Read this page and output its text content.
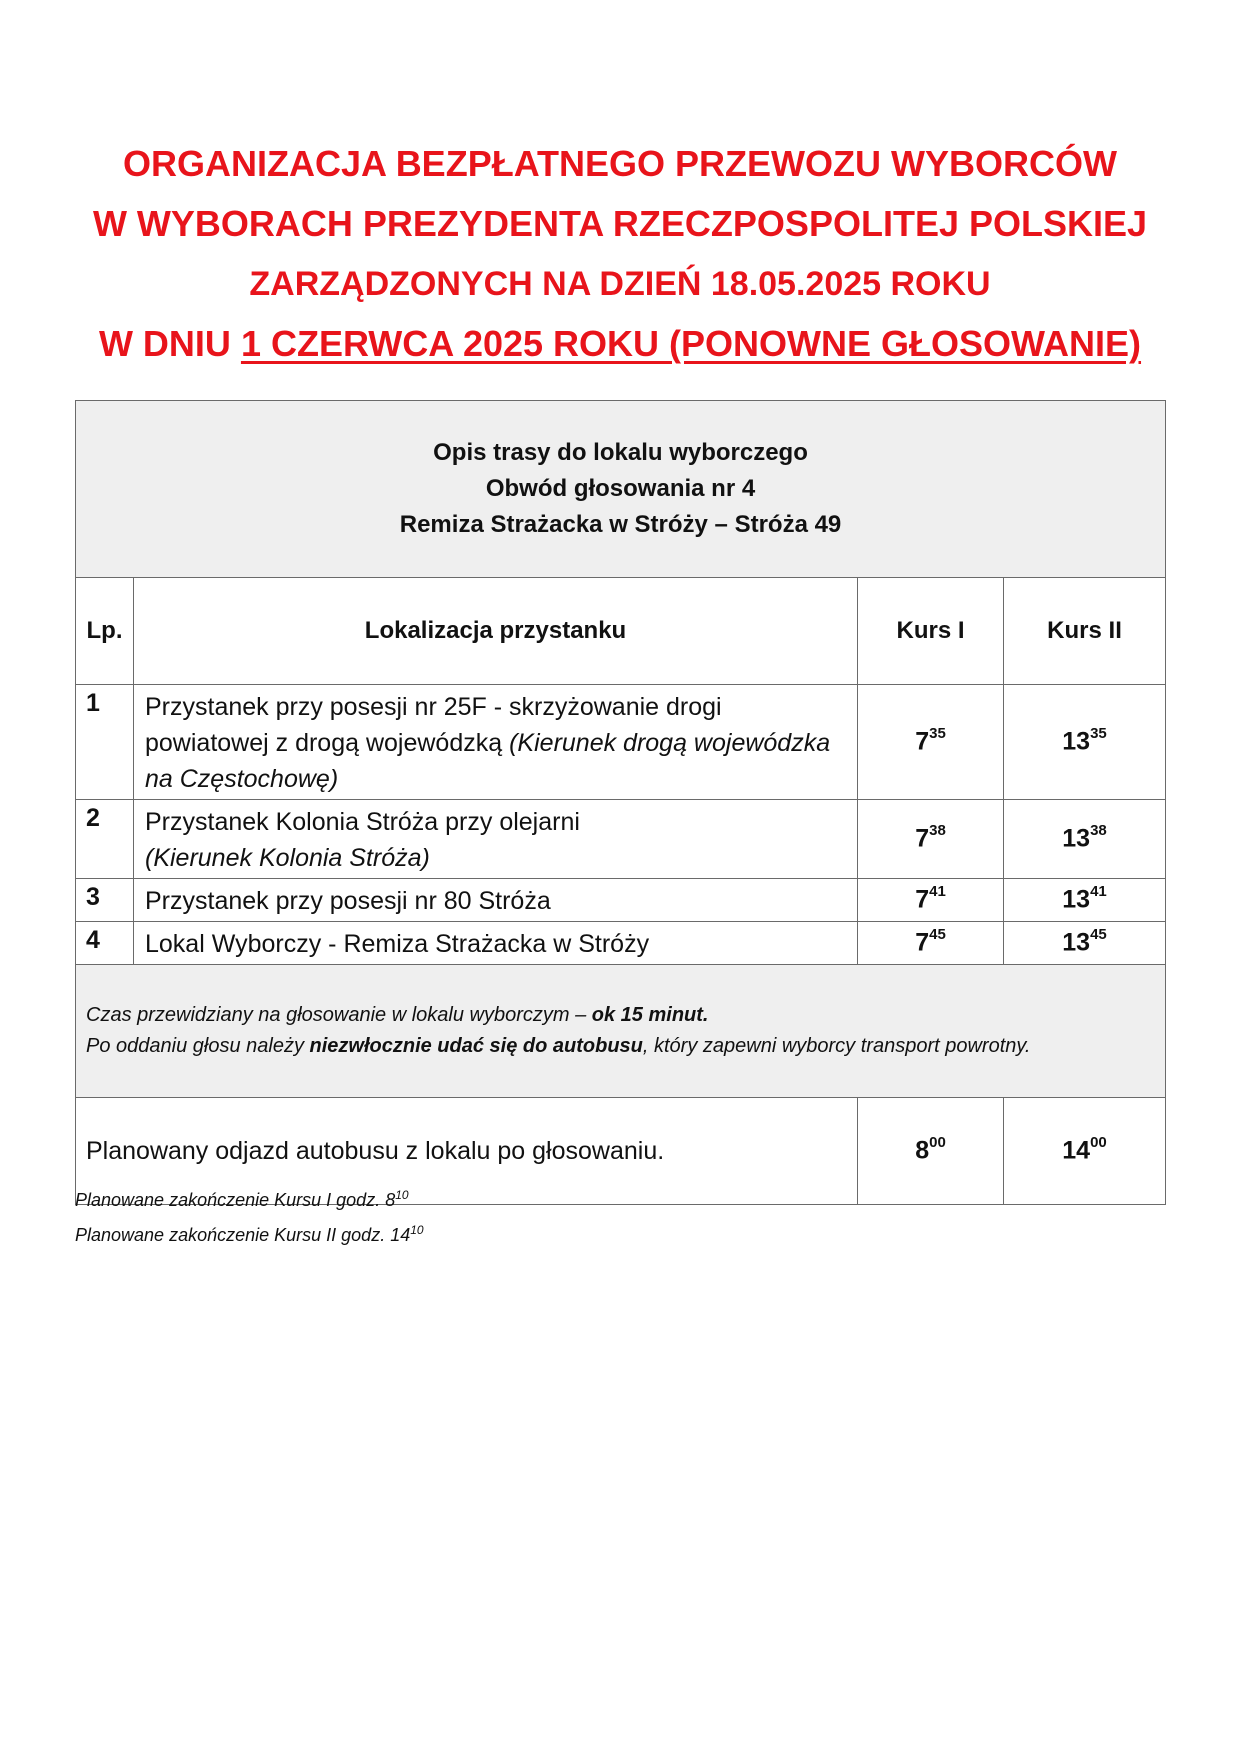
ORGANIZACJA BEZPŁATNEGO PRZEWOZU WYBORCÓW
W WYBORACH PREZYDENTA RZECZPOSPOLITEJ POLSKIEJ
ZARZĄDZONYCH NA DZIEŃ 18.05.2025 ROKU
W DNIU 1 CZERWCA 2025 ROKU (PONOWNE GŁOSOWANIE)
Opis trasy do lokalu wyborczego
Obwód głosowania nr 4
Remiza Strażacka w Stróży – Stróża 49			

Lp.	Lokalizacja przystanku	Kurs I	Kurs II
1	Przystanek przy posesji nr 25F - skrzyżowanie drogi powiatowej z drogą wojewódzką (Kierunek drogą wojewódzka na Częstochowę)	$7^{35}$	$13^{35}$
2	Przystanek Kolonia Stróża przy olejarni
(Kierunek Kolonia Stróża)	$7^{38}$	$13^{38}$
3	Przystanek przy posesji nr 80 Stróża	$7^{41}$	$13^{41}$
4	Lokal Wyborczy - Remiza Strażacka w Stróży	$7^{45}$	$13^{45}$

Czas przewidziany na głosowanie w lokalu wyborczym – ok 15 minut.
Po oddaniu głosu należy niezwłocznie udać się do autobusu, który zapewni wyborcy transport powrotny.			

Planowany odjazd autobusu z lokalu po głosowaniu.		$8^{00}$	$14^{00}$
Planowane zakończenie Kursu I godz. $8^{10}$
Planowane zakończenie Kursu II godz. $14^{10}$
